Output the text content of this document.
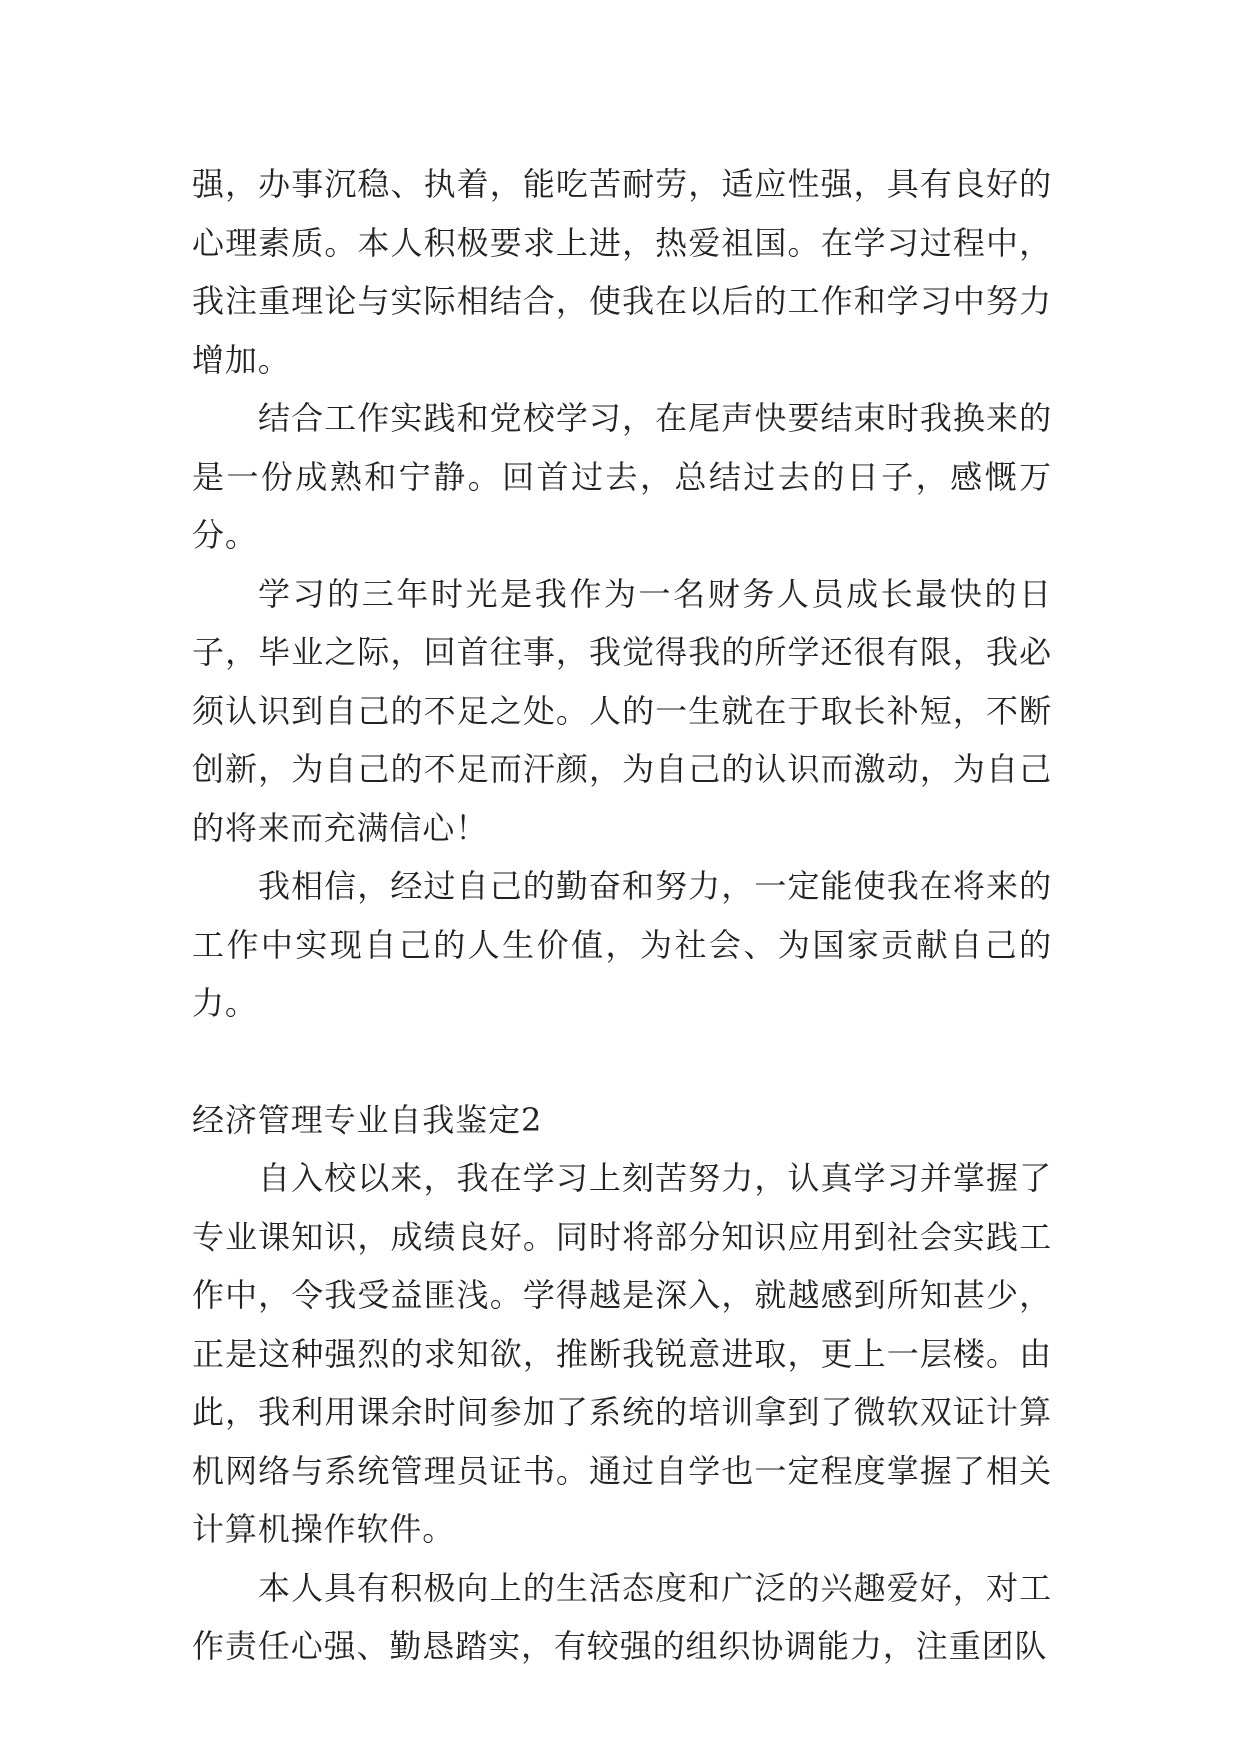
强，办事沉稳、执着，能吃苦耐劳，适应性强，具有良好的心理素质。本人积极要求上进，热爱祖国。在学习过程中，我注重理论与实际相结合，使我在以后的工作和学习中努力增加。

结合工作实践和党校学习，在尾声快要结束时我换来的是一份成熟和宁静。回首过去，总结过去的日子，感慨万分。

学习的三年时光是我作为一名财务人员成长最快的日子，毕业之际，回首往事，我觉得我的所学还很有限，我必须认识到自己的不足之处。人的一生就在于取长补短，不断创新，为自己的不足而汗颜，为自己的认识而激动，为自己的将来而充满信心！

我相信，经过自己的勤奋和努力，一定能使我在将来的工作中实现自己的人生价值，为社会、为国家贡献自己的力。

经济管理专业自我鉴定2

自入校以来，我在学习上刻苦努力，认真学习并掌握了专业课知识，成绩良好。同时将部分知识应用到社会实践工作中，令我受益匪浅。学得越是深入，就越感到所知甚少，正是这种强烈的求知欲，推断我锐意进取，更上一层楼。由此，我利用课余时间参加了系统的培训拿到了微软双证计算机网络与系统管理员证书。通过自学也一定程度掌握了相关计算机操作软件。

本人具有积极向上的生活态度和广泛的兴趣爱好，对工作责任心强、勤恳踏实，有较强的组织协调能力，注重团队
